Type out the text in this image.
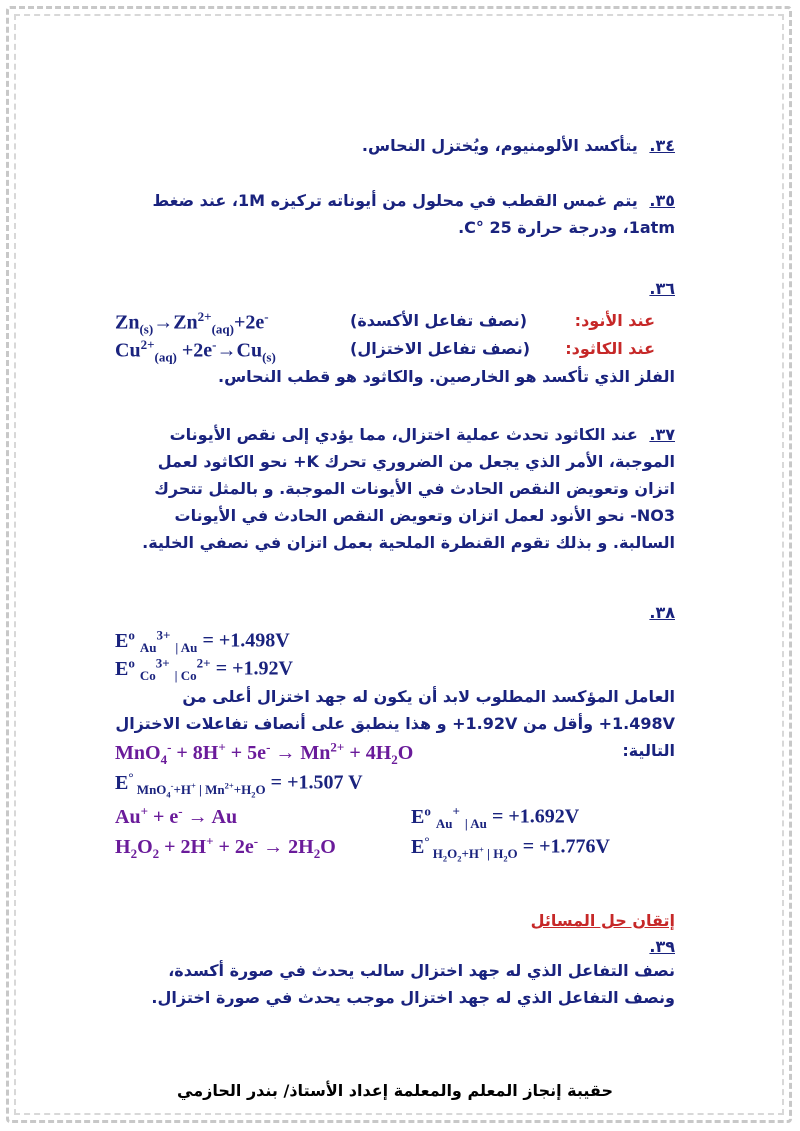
٣٤. يتأكسد الألومنيوم، ويُختزل النحاس.
٣٥. يتم غمس القطب في محلول من أيوناته تركيزه 1M، عند ضغط 1atm، ودرجة حرارة 25 °C.
٣٦.
$Zn_{(s)}\to Zn^{2+}_{(aq)}+2e^-$	(نصف تفاعل الأكسدة)	عند الأنود:
$Cu^{2+}_{(aq)} +2e^-\to Cu_{(s)}$	(نصف تفاعل الاختزال) عند الكاثود:
الفلز الذي تأكسد هو الخارصين. والكاثود هو قطب النحاس.
٣٧. عند الكاثود تحدث عملية اختزال، مما يؤدي إلى نقص الأيونات الموجبة، الأمر الذي يجعل من الضروري تحرك K+ نحو الكاثود لعمل اتزان وتعويض النقص الحادث في الأيونات الموجبة. و بالمثل تتحرك NO3- نحو الأنود لعمل اتزان وتعويض النقص الحادث في الأيونات السالبة. و بذلك تقوم القنطرة الملحية بعمل اتزان في نصفي الخلية.
٣٨.
$E^o$ $_{Au}^{3+}$ $_{| Au}$ = +1.498V
$E^o$ $_{Co}^{3+}$ $_{| Co}^{2+}$ = +1.92V
العامل المؤكسد المطلوب لابد أن يكون له جهد اختزال أعلى من 1.498V+ وأقل من 1.92V+ و هذا ينطبق على أنصاف تفاعلات الاختزال التالية:
$MnO_4^- + 8H^+ + 5e^- \to Mn^{2+} + 4H_2O$
E° $_{MnO_4^-+H^+ | Mn^{2+}+H_2O}$ = +1.507 V
Au+ + e- → Au	$E^o$ $_{Au}$+ $_{| Au}$ = +1.692V
$H_2O_2 + 2H^+ + 2e^- \to 2H_2O$	E° $_{H_2O_2+H^+ | H_2O}$ = +1.776V
إتقان حل المسائل
٣٩.
نصف التفاعل الذي له جهد اختزال سالب يحدث في صورة أكسدة، ونصف التفاعل الذي له جهد اختزال موجب يحدث في صورة اختزال.
حقيبة إنجاز المعلم والمعلمة إعداد الأستاذ/ بندر الحازمي
